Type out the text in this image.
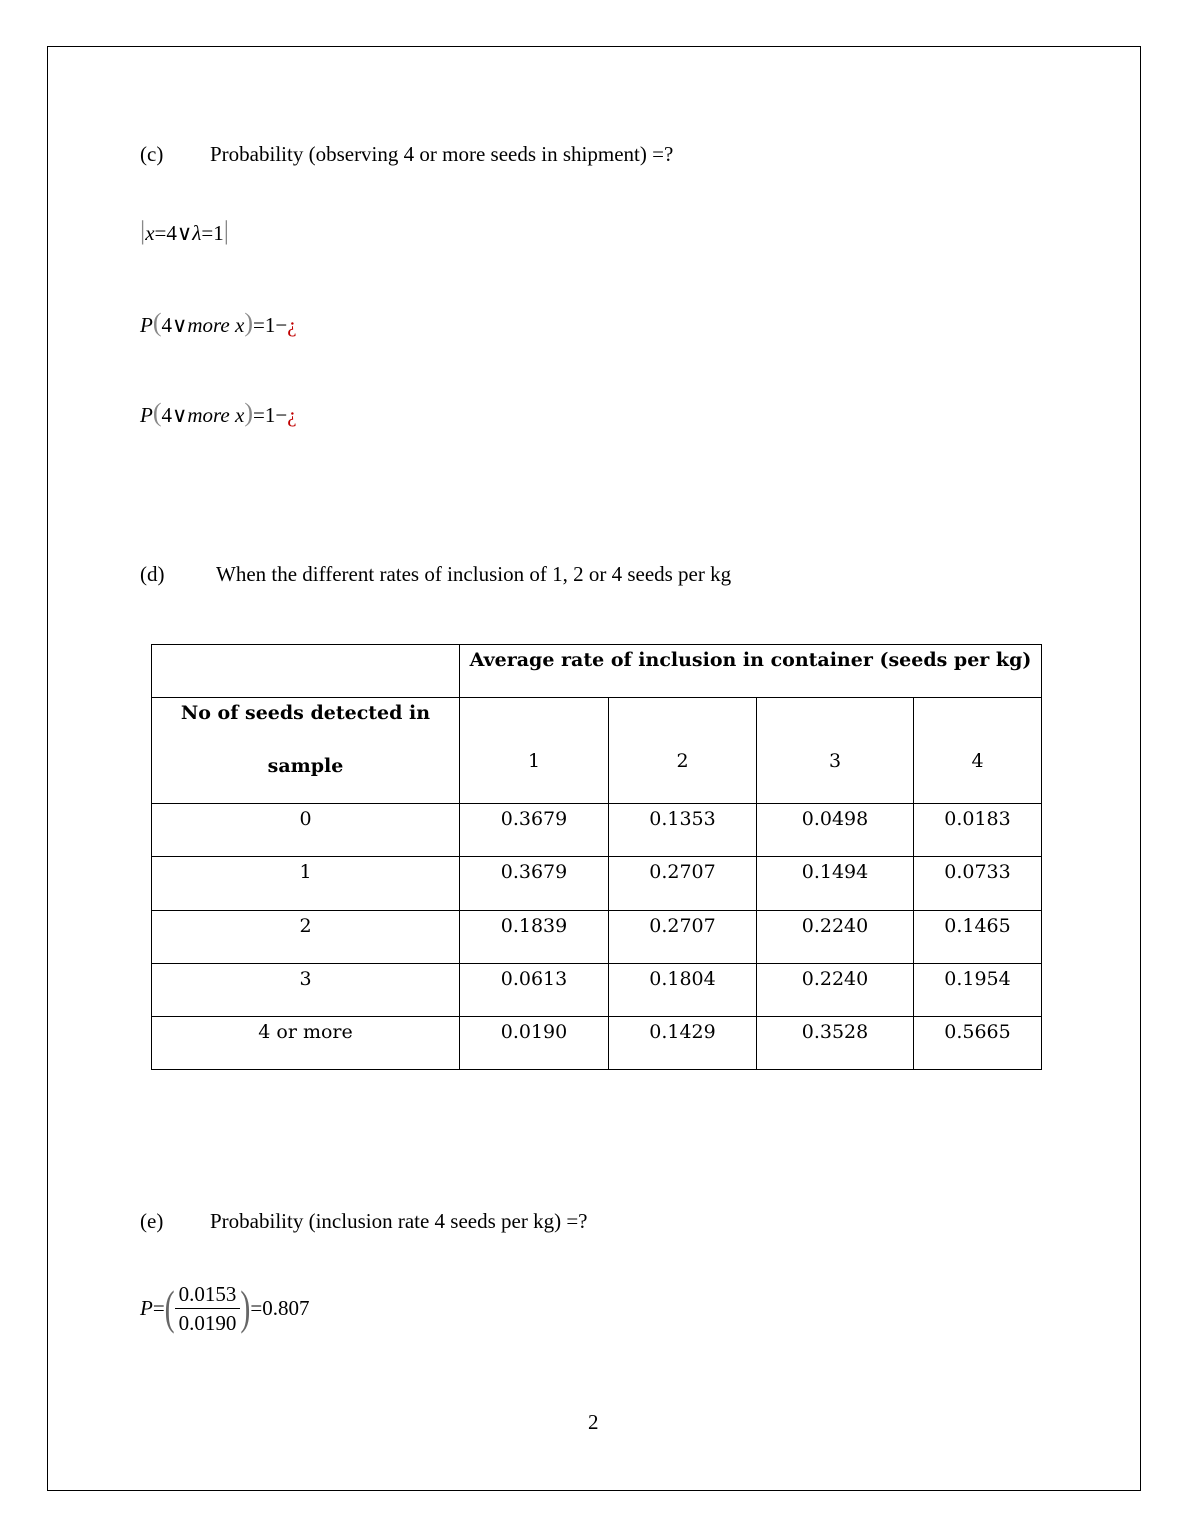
(c) Probability (observing 4 or more seeds in shipment) =?
|x=4∨λ=1|
P(4∨more x)=1−¿
P(4∨more x)=1−¿
(d) When the different rates of inclusion of 1, 2 or 4 seeds per kg
	Average rate of inclusion in container (seeds per kg)			

No of seeds detected in
sample	1	2	3	4
0	0.3679	0.1353	0.0498	0.0183
1	0.3679	0.2707	0.1494	0.0733
2	0.1839	0.2707	0.2240	0.1465
3	0.0613	0.1804	0.2240	0.1954
4 or more	0.0190	0.1429	0.3528	0.5665
(e) Probability (inclusion rate 4 seeds per kg) =?
$P=( \frac{0.0153}{0.0190} )=0.807$
2
